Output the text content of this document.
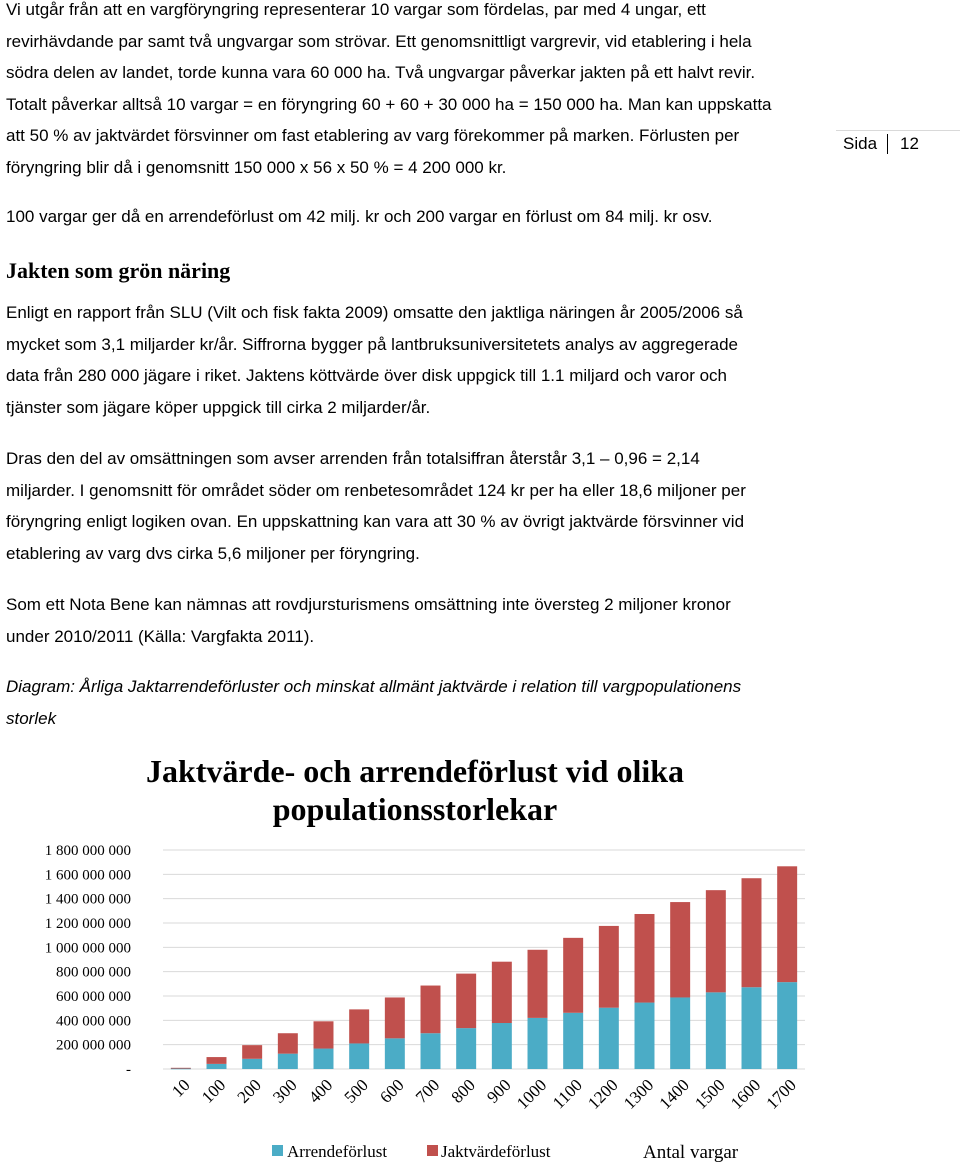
Sida 12
Vi utgår från att en vargföryngring representerar 10 vargar som fördelas, par med 4 ungar, ett
revirhävdande par samt två ungvargar som strövar. Ett genomsnittligt vargrevir, vid etablering i hela
södra delen av landet, torde kunna vara 60 000 ha. Två ungvargar påverkar jakten på ett halvt revir.
Totalt påverkar alltså 10 vargar = en föryngring 60 + 60 + 30 000 ha = 150 000 ha. Man kan uppskatta
att 50 % av jaktvärdet försvinner om fast etablering av varg förekommer på marken. Förlusten per
föryngring blir då i genomsnitt 150 000 x 56 x 50 % = 4 200 000 kr.
100 vargar ger då en arrendeförlust om 42 milj. kr och 200 vargar en förlust om 84 milj. kr osv.
Jakten som grön näring
Enligt en rapport från SLU (Vilt och fisk fakta 2009) omsatte den jaktliga näringen år 2005/2006 så
mycket som 3,1 miljarder kr/år. Siffrorna bygger på lantbruksuniversitetets analys av aggregerade
data från 280 000 jägare i riket. Jaktens köttvärde över disk uppgick till 1.1 miljard och varor och
tjänster som jägare köper uppgick till cirka 2 miljarder/år.
Dras den del av omsättningen som avser arrenden från totalsiffran återstår 3,1 – 0,96 = 2,14
miljarder. I genomsnitt för området söder om renbetesområdet 124 kr per ha eller 18,6 miljoner per
föryngring enligt logiken ovan. En uppskattning kan vara att 30 % av övrigt jaktvärde försvinner vid
etablering av varg dvs cirka 5,6 miljoner per föryngring.
Som ett Nota Bene kan nämnas att rovdjursturismens omsättning inte översteg 2 miljoner kronor
under 2010/2011 (Källa: Vargfakta 2011).
Diagram: Årliga Jaktarrendeförluster och minskat allmänt jaktvärde i relation till vargpopulationens
storlek
Jaktvärde- och arrendeförlust vid olika
populationsstorlekar
1 800 000 000
1 600 000 000
1 400 000 000
1 200 000 000
1 000 000 000
800 000 000
600 000 000
400 000 000
200 000 000
-
10 100 200 300 400 500 600 700 800 900
1000
1100
1200
1300
1400
1500
1600
1700
Arrendeförlust	Jaktvärdeförlust	Antal vargar
